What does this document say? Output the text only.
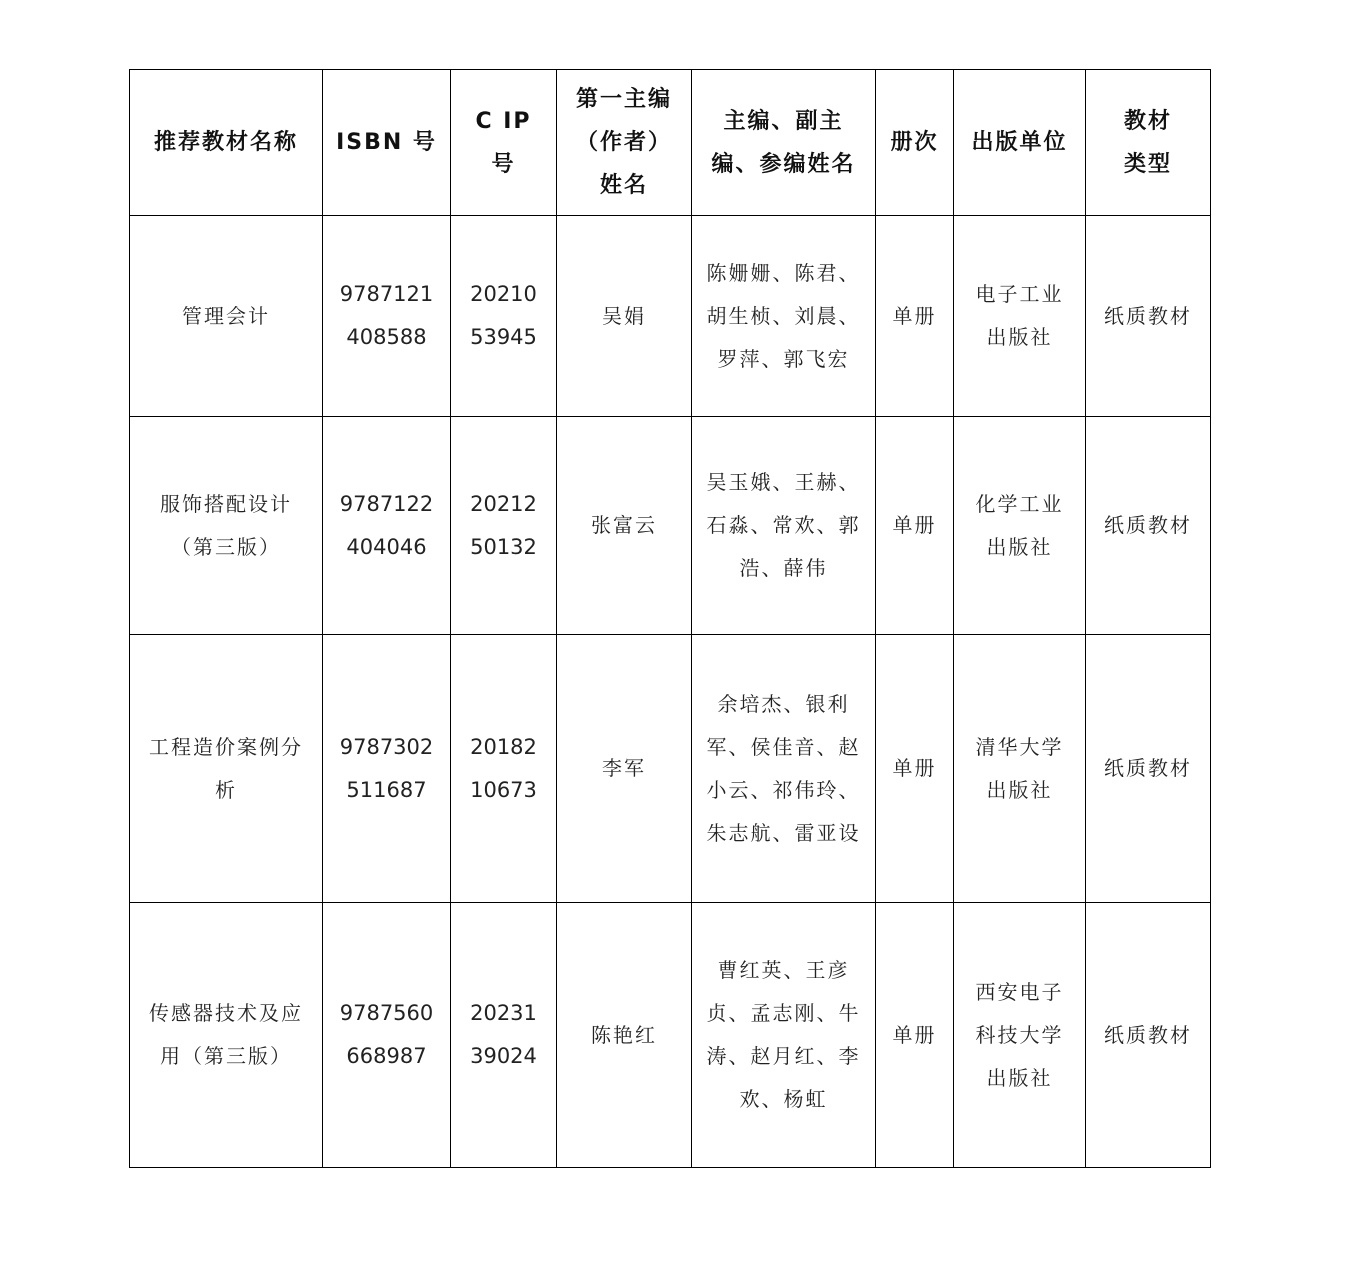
推荐教材名称	ISBN 号	C IP 号	第一主编（作者）姓名	主编、副主编、参编姓名	册次	出版单位	教材类型

管理会计	9787121408588	2021053945	吴娟	陈姗姗、陈君、胡生桢、刘晨、罗萍、郭飞宏	单册	电子工业出版社	纸质教材

服饰搭配设计（第三版）	9787122404046	2021250132	张富云	吴玉娥、王赫、石淼、常欢、郭浩、薛伟	单册	化学工业出版社	纸质教材

工程造价案例分析	9787302511687	2018210673	李军	余培杰、银利军、侯佳音、赵小云、祁伟玲、朱志航、雷亚设	单册	清华大学出版社	纸质教材

传感器技术及应用（第三版）	9787560668987	2023139024	陈艳红	曹红英、王彦贞、孟志刚、牛涛、赵月红、李欢、杨虹	单册	西安电子科技大学出版社	纸质教材
